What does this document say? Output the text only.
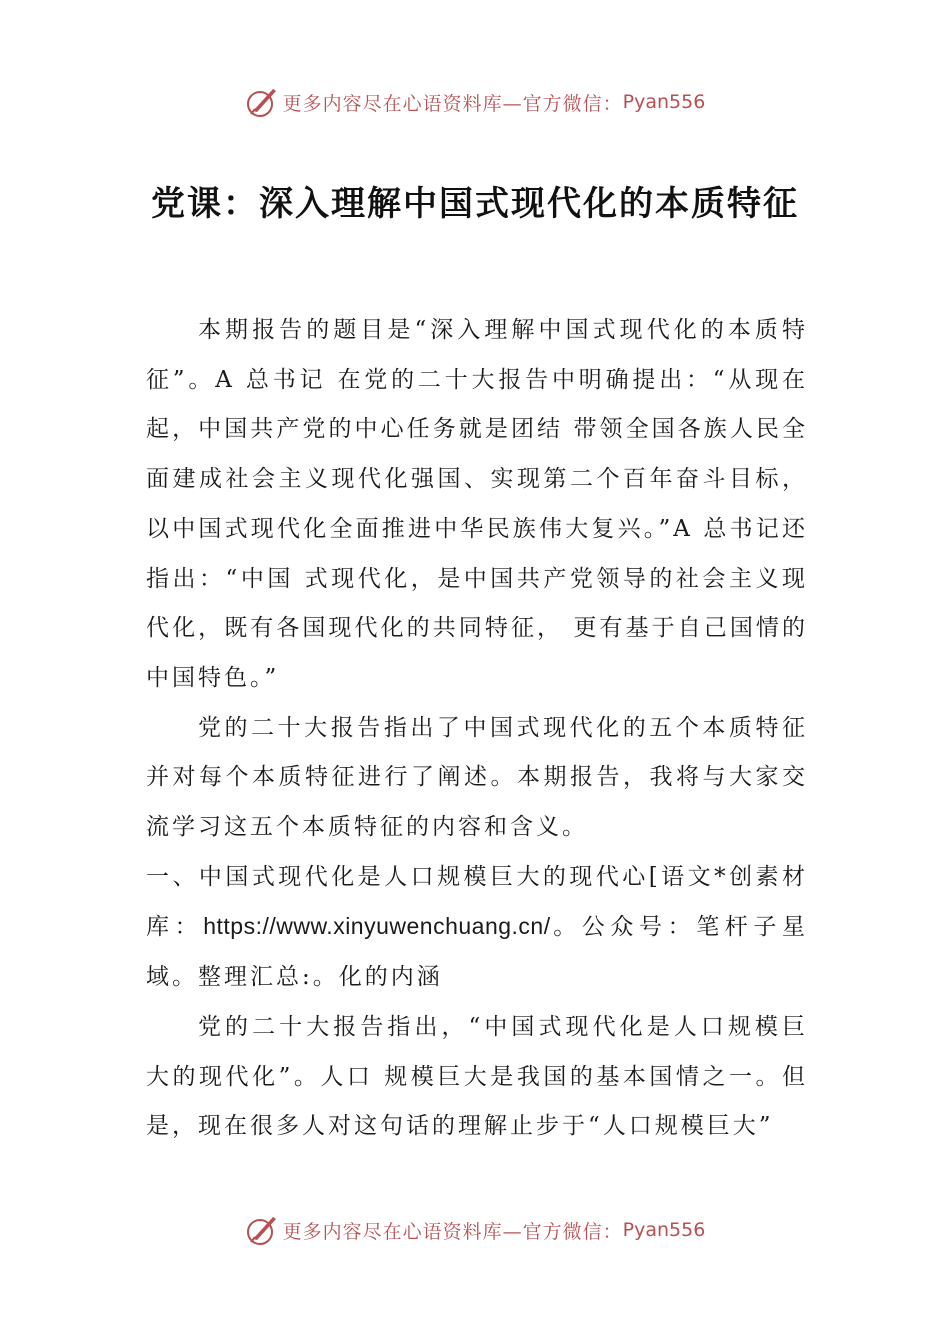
更多内容尽在心语资料库—官方微信： Pyan556
党课：深入理解中国式现代化的本质特征

本期报告的题目是“深入理解中国式现代化的本质特征”。A 总书记 在党的二十大报告中明确提出：“从现在起，中国共产党的中心任务就是团结 带领全国各族人民全面建成社会主义现代化强国、实现第二个百年奋斗目标，以中国式现代化全面推进中华民族伟大复兴。”A 总书记还指出：“中国 式现代化，是中国共产党领导的社会主义现代化，既有各国现代化的共同特征， 更有基于自己国情的中国特色。”

党的二十大报告指出了中国式现代化的五个本质特征并对每个本质特征进行了阐述。本期报告，我将与大家交流学习这五个本质特征的内容和含义。

一、中国式现代化是人口规模巨大的现代心[语文*创素材库：https://www.xinyuwenchuang.cn/。公众号：笔杆子星域。整理汇总:。化的内涵

党的二十大报告指出，“中国式现代化是人口规模巨大的现代化”。人口 规模巨大是我国的基本国情之一。但是，现在很多人对这句话的理解止步于“人口规模巨大”

更多内容尽在心语资料库—官方微信： Pyan556
